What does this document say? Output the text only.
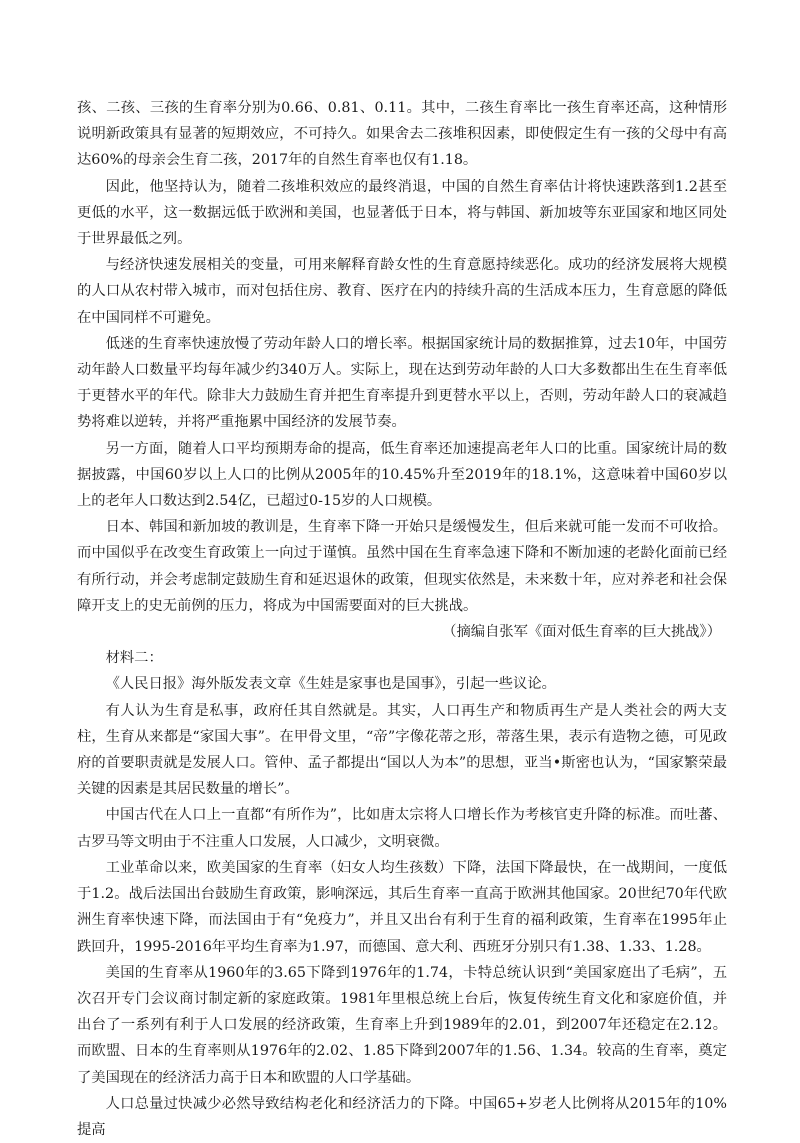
孩、二孩、三孩的生育率分别为0.66、0.81、0.11。其中，二孩生育率比一孩生育率还高，这种情形说明新政策具有显著的短期效应，不可持久。如果舍去二孩堆积因素，即使假定生有一孩的父母中有高达60%的母亲会生育二孩，2017年的自然生育率也仅有1.18。

因此，他坚持认为，随着二孩堆积效应的最终消退，中国的自然生育率估计将快速跌落到1.2甚至更低的水平，这一数据远低于欧洲和美国，也显著低于日本，将与韩国、新加坡等东亚国家和地区同处于世界最低之列。

与经济快速发展相关的变量，可用来解释育龄女性的生育意愿持续恶化。成功的经济发展将大规模的人口从农村带入城市，而对包括住房、教育、医疗在内的持续升高的生活成本压力，生育意愿的降低在中国同样不可避免。

低迷的生育率快速放慢了劳动年龄人口的增长率。根据国家统计局的数据推算，过去10年，中国劳动年龄人口数量平均每年减少约340万人。实际上，现在达到劳动年龄的人口大多数都出生在生育率低于更替水平的年代。除非大力鼓励生育并把生育率提升到更替水平以上，否则，劳动年龄人口的衰减趋势将难以逆转，并将严重拖累中国经济的发展节奏。

另一方面，随着人口平均预期寿命的提高，低生育率还加速提高老年人口的比重。国家统计局的数据披露，中国60岁以上人口的比例从2005年的10.45%升至2019年的18.1%，这意味着中国60岁以上的老年人口数达到2.54亿，已超过0-15岁的人口规模。

日本、韩国和新加坡的教训是，生育率下降一开始只是缓慢发生，但后来就可能一发而不可收拾。而中国似乎在改变生育政策上一向过于谨慎。虽然中国在生育率急速下降和不断加速的老龄化面前已经有所行动，并会考虑制定鼓励生育和延迟退休的政策，但现实依然是，未来数十年，应对养老和社会保障开支上的史无前例的压力，将成为中国需要面对的巨大挑战。

（摘编自张军《面对低生育率的巨大挑战》）

材料二：

《人民日报》海外版发表文章《生娃是家事也是国事》，引起一些议论。

有人认为生育是私事，政府任其自然就是。其实，人口再生产和物质再生产是人类社会的两大支柱，生育从来都是“家国大事”。在甲骨文里，“帝”字像花蒂之形，蒂落生果，表示有造物之德，可见政府的首要职责就是发展人口。管仲、孟子都提出“国以人为本”的思想，亚当•斯密也认为，“国家繁荣最关键的因素是其居民数量的增长”。

中国古代在人口上一直都“有所作为”，比如唐太宗将人口增长作为考核官吏升降的标准。而吐蕃、古罗马等文明由于不注重人口发展，人口减少，文明衰微。

工业革命以来，欧美国家的生育率（妇女人均生孩数）下降，法国下降最快，在一战期间，一度低于1.2。战后法国出台鼓励生育政策，影响深远，其后生育率一直高于欧洲其他国家。20世纪70年代欧洲生育率快速下降，而法国由于有“免疫力”，并且又出台有利于生育的福利政策，生育率在1995年止跌回升，1995-2016年平均生育率为1.97，而德国、意大利、西班牙分别只有1.38、1.33、1.28。

美国的生育率从1960年的3.65下降到1976年的1.74，卡特总统认识到“美国家庭出了毛病”，五次召开专门会议商讨制定新的家庭政策。1981年里根总统上台后，恢复传统生育文化和家庭价值，并出台了一系列有利于人口发展的经济政策，生育率上升到1989年的2.01，到2007年还稳定在2.12。而欧盟、日本的生育率则从1976年的2.02、1.85下降到2007年的1.56、1.34。较高的生育率，奠定了美国现在的经济活力高于日本和欧盟的人口学基础。

人口总量过快减少必然导致结构老化和经济活力的下降。中国65+岁老人比例将从2015年的10%提高
